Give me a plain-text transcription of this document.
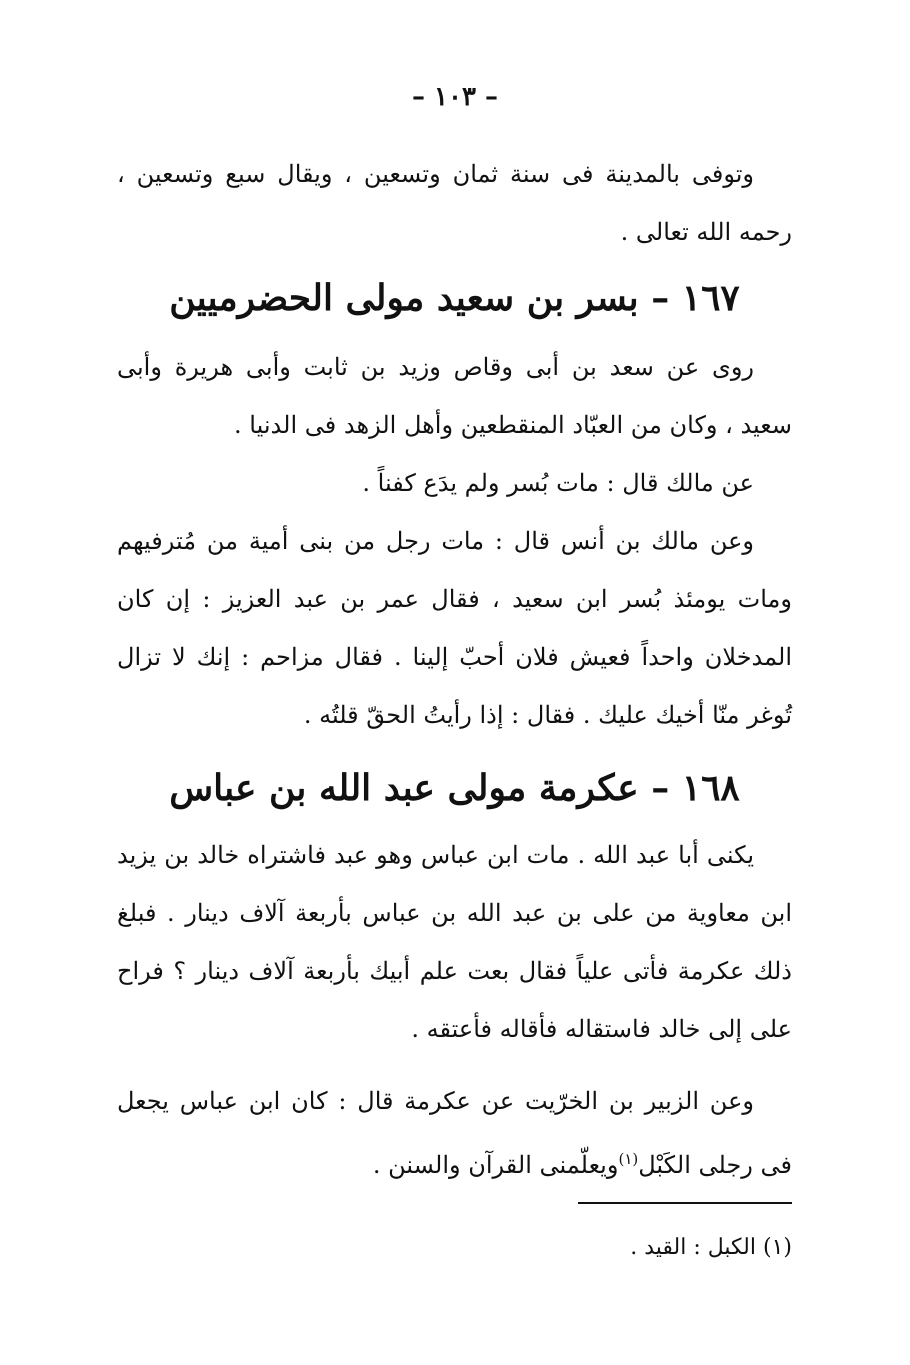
– ١٠٣ –

وتوفى بالمدينة فى سنة ثمان وتسعين ، ويقال سبع وتسعين ، رحمه الله تعالى .

١٦٧ – بسر بن سعيد مولى الحضرميين

روى عن سعد بن أبى وقاص وزيد بن ثابت وأبى هريرة وأبى سعيد ، وكان من العبّاد المنقطعين وأهل الزهد فى الدنيا .

عن مالك قال : مات بُسر ولم يدَع كفناً .

وعن مالك بن أنس قال : مات رجل من بنى أمية من مُترفيهم ومات يومئذ بُسر ابن سعيد ، فقال عمر بن عبد العزيز : إن كان المدخلان واحداً فعيش فلان أحبّ إلينا . فقال مزاحم : إنك لا تزال تُوغر منّا أخيك عليك . فقال : إذا رأيتُ الحقّ قلتُه .

١٦٨ – عكرمة مولى عبد الله بن عباس

يكنى أبا عبد الله . مات ابن عباس وهو عبد فاشتراه خالد بن يزيد ابن معاوية من على بن عبد الله بن عباس بأربعة آلاف دينار . فبلغ ذلك عكرمة فأتى علياً فقال بعت علم أبيك بأربعة آلاف دينار ؟ فراح على إلى خالد فاستقاله فأقاله فأعتقه .

وعن الزبير بن الخرّيت عن عكرمة قال : كان ابن عباس يجعل فى رجلى الكَبْل$^{(١)}$ويعلّمنى القرآن والسنن .

(١) الكبل : القيد .
